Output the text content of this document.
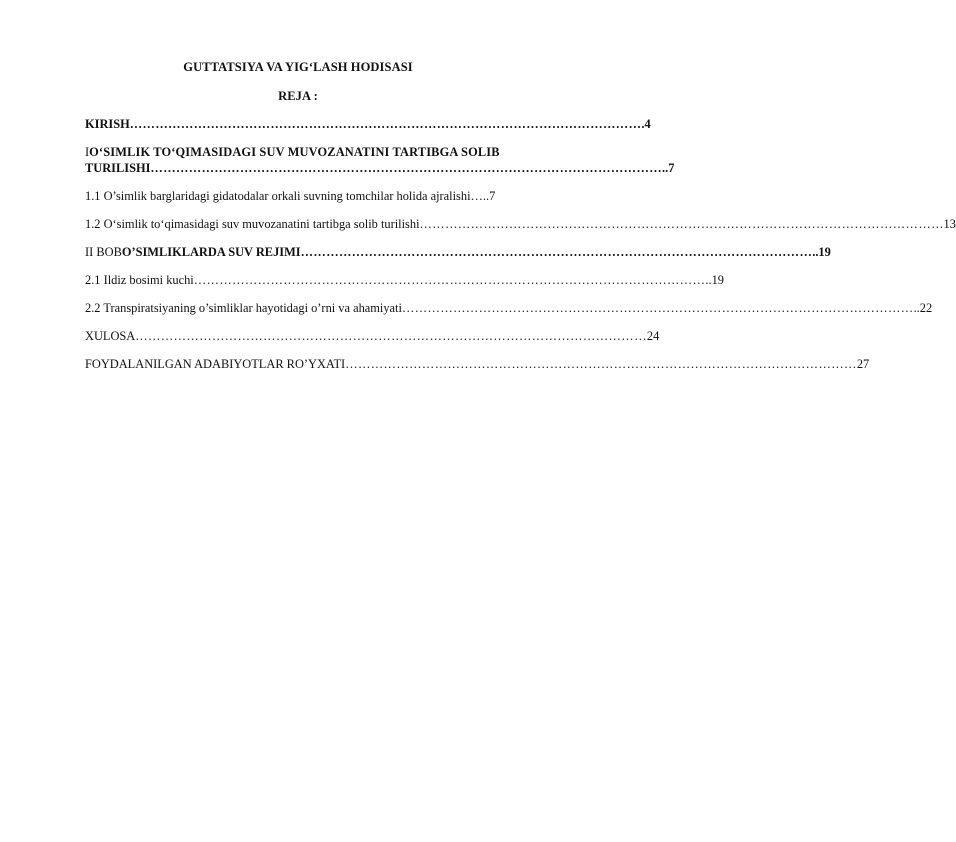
GUTTATSIYA VA YIG‘LASH HODISASI
REJA :
KIRISH ………………………………………………………………………………………………………… .4
I O‘SIMLIK TO‘QIMASIDAGI SUV MUVOZANATINI TARTIBGA SOLIB
TURILISHI ………………………………………………………………………………………………………… ..7
1.1 O’simlik barglaridagi gidatodalar orkali suvning tomchilar holida ajralishi …..7
1.2 O‘simlik to‘qimasidagi suv muvozanatini tartibga solib turilishi ………………………………………………………………………………………………………… …13
II BOB O’SIMLIKLARDA SUV REJIMI ………………………………………………………………………………………………………… ..19
2.1 Ildiz bosimi kuchi ………………………………………………………………………………………………………… ..19
2.2 Transpiratsiyaning o’simliklar hayotidagi o’rni va ahamiyati ………………………………………………………………………………………………………… ..22
XULOSA ………………………………………………………………………………………………………… 24
FOYDALANILGAN ADABIYOTLAR RO’YXATI ………………………………………………………………………………………………………… 27
